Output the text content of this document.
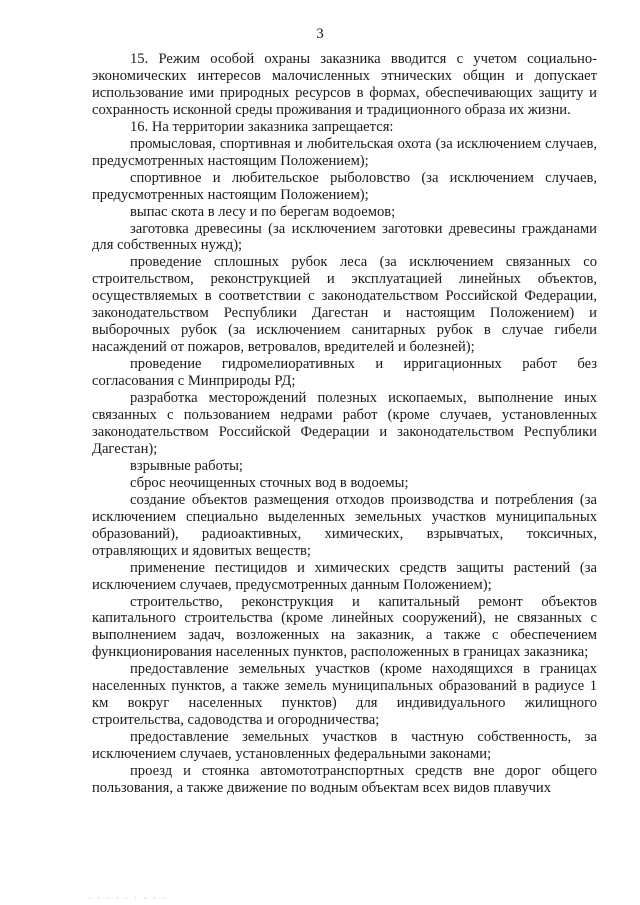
3

15. Режим особой охраны заказника вводится с учетом социально-экономических интересов малочисленных этнических общин и допускает использование ими природных ресурсов в формах, обеспечивающих защиту и сохранность исконной среды проживания и традиционного образа их жизни.

16. На территории заказника запрещается:

промысловая, спортивная и любительская охота (за исключением случаев, предусмотренных настоящим Положением);

спортивное и любительское рыболовство (за исключением случаев, предусмотренных настоящим Положением);

выпас скота в лесу и по берегам водоемов;

заготовка древесины (за исключением заготовки древесины гражданами для собственных нужд);

проведение сплошных рубок леса (за исключением связанных со строительством, реконструкцией и эксплуатацией линейных объектов, осуществляемых в соответствии с законодательством Российской Федерации, законодательством Республики Дагестан и настоящим Положением) и выборочных рубок (за исключением санитарных рубок в случае гибели насаждений от пожаров, ветровалов, вредителей и болезней);

проведение гидромелиоративных и ирригационных работ без согласования с Минприроды РД;

разработка месторождений полезных ископаемых, выполнение иных связанных с пользованием недрами работ (кроме случаев, установленных законодательством Российской Федерации и законодательством Республики Дагестан);

взрывные работы;

сброс неочищенных сточных вод в водоемы;

создание объектов размещения отходов производства и потребления (за исключением специально выделенных земельных участков муниципальных образований), радиоактивных, химических, взрывчатых, токсичных, отравляющих и ядовитых веществ;

применение пестицидов и химических средств защиты растений (за исключением случаев, предусмотренных данным Положением);

строительство, реконструкция и капитальный ремонт объектов капитального строительства (кроме линейных сооружений), не связанных с выполнением задач, возложенных на заказник, а также с обеспечением функционирования населенных пунктов, расположенных в границах заказника;

предоставление земельных участков (кроме находящихся в границах населенных пунктов, а также земель муниципальных образований в радиусе 1 км вокруг населенных пунктов) для индивидуального жилищного строительства, садоводства и огородничества;

предоставление земельных участков в частную собственность, за исключением случаев, установленных федеральными законами;

проезд и стоянка автомототранспортных средств вне дорог общего пользования, а также движение по водным объектам всех видов плавучих

· · · · · · · · ·
